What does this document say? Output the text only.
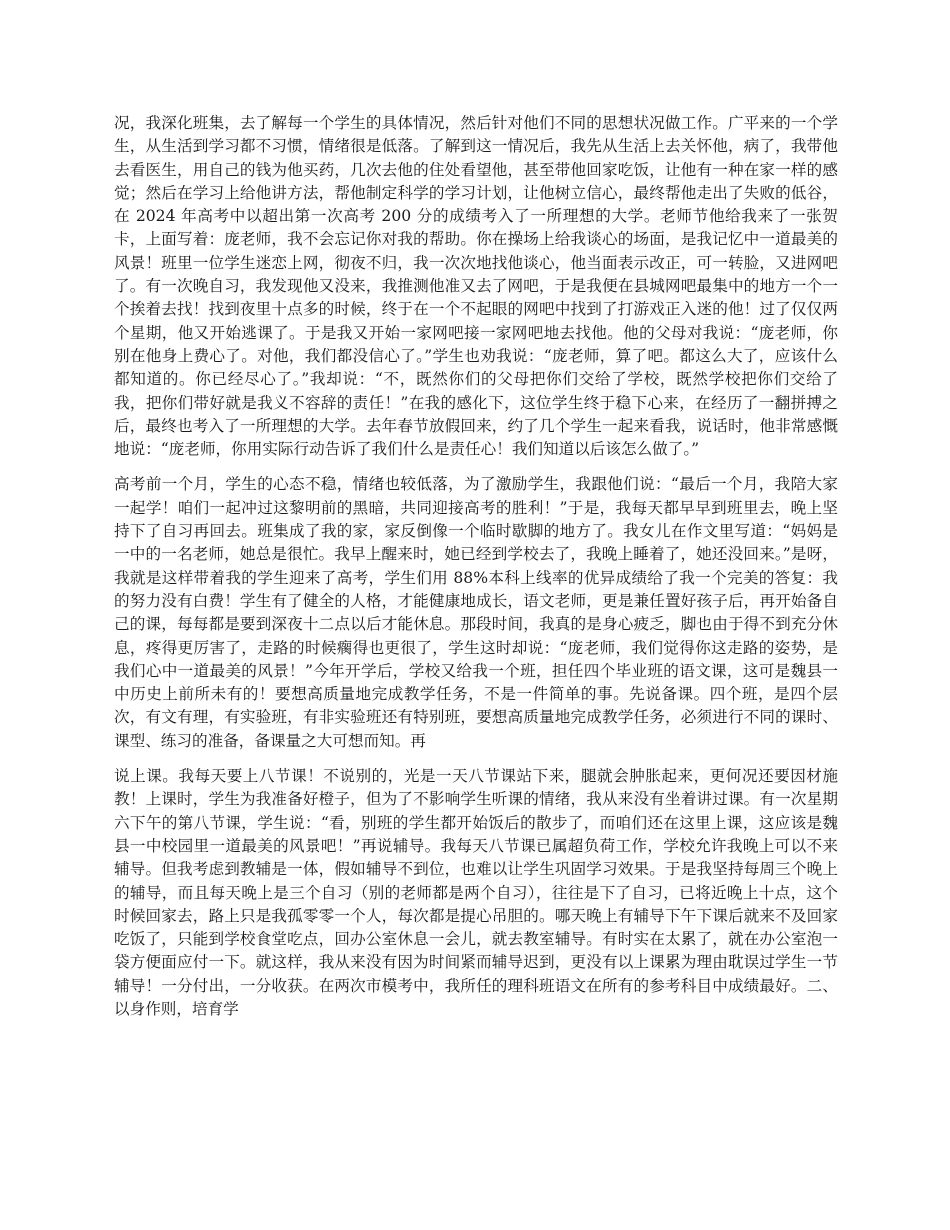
况，我深化班集，去了解每一个学生的具体情况，然后针对他们不同的思想状况做工作。广平来的一个学生，从生活到学习都不习惯，情绪很是低落。了解到这一情况后，我先从生活上去关怀他，病了，我带他去看医生，用自己的钱为他买药，几次去他的住处看望他，甚至带他回家吃饭，让他有一种在家一样的感觉；然后在学习上给他讲方法，帮他制定科学的学习计划，让他树立信心，最终帮他走出了失败的低谷，在 2024 年高考中以超出第一次高考 200 分的成绩考入了一所理想的大学。老师节他给我来了一张贺卡，上面写着：庞老师，我不会忘记你对我的帮助。你在操场上给我谈心的场面，是我记忆中一道最美的风景！班里一位学生迷恋上网，彻夜不归，我一次次地找他谈心，他当面表示改正，可一转脸，又进网吧了。有一次晚自习，我发现他又没来，我推测他准又去了网吧，于是我便在县城网吧最集中的地方一个一个挨着去找！找到夜里十点多的时候，终于在一个不起眼的网吧中找到了打游戏正入迷的他！过了仅仅两个星期，他又开始逃课了。于是我又开始一家网吧接一家网吧地去找他。他的父母对我说：“庞老师，你别在他身上费心了。对他，我们都没信心了。”学生也劝我说：“庞老师，算了吧。都这么大了，应该什么都知道的。你已经尽心了。”我却说：“不，既然你们的父母把你们交给了学校，既然学校把你们交给了我，把你们带好就是我义不容辞的责任！”在我的感化下，这位学生终于稳下心来，在经历了一翻拼搏之后，最终也考入了一所理想的大学。去年春节放假回来，约了几个学生一起来看我，说话时，他非常感慨地说：“庞老师，你用实际行动告诉了我们什么是责任心！我们知道以后该怎么做了。”

高考前一个月，学生的心态不稳，情绪也较低落，为了激励学生，我跟他们说：“最后一个月，我陪大家一起学！咱们一起冲过这黎明前的黑暗，共同迎接高考的胜利！”于是，我每天都早早到班里去，晚上坚持下了自习再回去。班集成了我的家，家反倒像一个临时歇脚的地方了。我女儿在作文里写道：“妈妈是一中的一名老师，她总是很忙。我早上醒来时，她已经到学校去了，我晚上睡着了，她还没回来。”是呀，我就是这样带着我的学生迎来了高考，学生们用 88%本科上线率的优异成绩给了我一个完美的答复：我的努力没有白费！学生有了健全的人格，才能健康地成长，语文老师，更是兼任置好孩子后，再开始备自己的课，每每都是要到深夜十二点以后才能休息。那段时间，我真的是身心疲乏，脚也由于得不到充分休息，疼得更厉害了，走路的时候瘸得也更很了，学生这时却说：“庞老师，我们觉得你这走路的姿势，是我们心中一道最美的风景！”今年开学后，学校又给我一个班，担任四个毕业班的语文课，这可是魏县一中历史上前所未有的！要想高质量地完成教学任务，不是一件简单的事。先说备课。四个班，是四个层次，有文有理，有实验班，有非实验班还有特别班，要想高质量地完成教学任务，必须进行不同的课时、课型、练习的准备，备课量之大可想而知。再

说上课。我每天要上八节课！不说别的，光是一天八节课站下来，腿就会肿胀起来，更何况还要因材施教！上课时，学生为我准备好橙子，但为了不影响学生听课的情绪，我从来没有坐着讲过课。有一次星期六下午的第八节课，学生说：“看，别班的学生都开始饭后的散步了，而咱们还在这里上课，这应该是魏县一中校园里一道最美的风景吧！”再说辅导。我每天八节课已属超负荷工作，学校允许我晚上可以不来辅导。但我考虑到教辅是一体，假如辅导不到位，也难以让学生巩固学习效果。于是我坚持每周三个晚上的辅导，而且每天晚上是三个自习（别的老师都是两个自习），往往是下了自习，已将近晚上十点，这个时候回家去，路上只是我孤零零一个人，每次都是提心吊胆的。哪天晚上有辅导下午下课后就来不及回家吃饭了，只能到学校食堂吃点，回办公室休息一会儿，就去教室辅导。有时实在太累了，就在办公室泡一袋方便面应付一下。就这样，我从来没有因为时间紧而辅导迟到，更没有以上课累为理由耽误过学生一节辅导！一分付出，一分收获。在两次市模考中，我所任的理科班语文在所有的参考科目中成绩最好。二、以身作则，培育学
